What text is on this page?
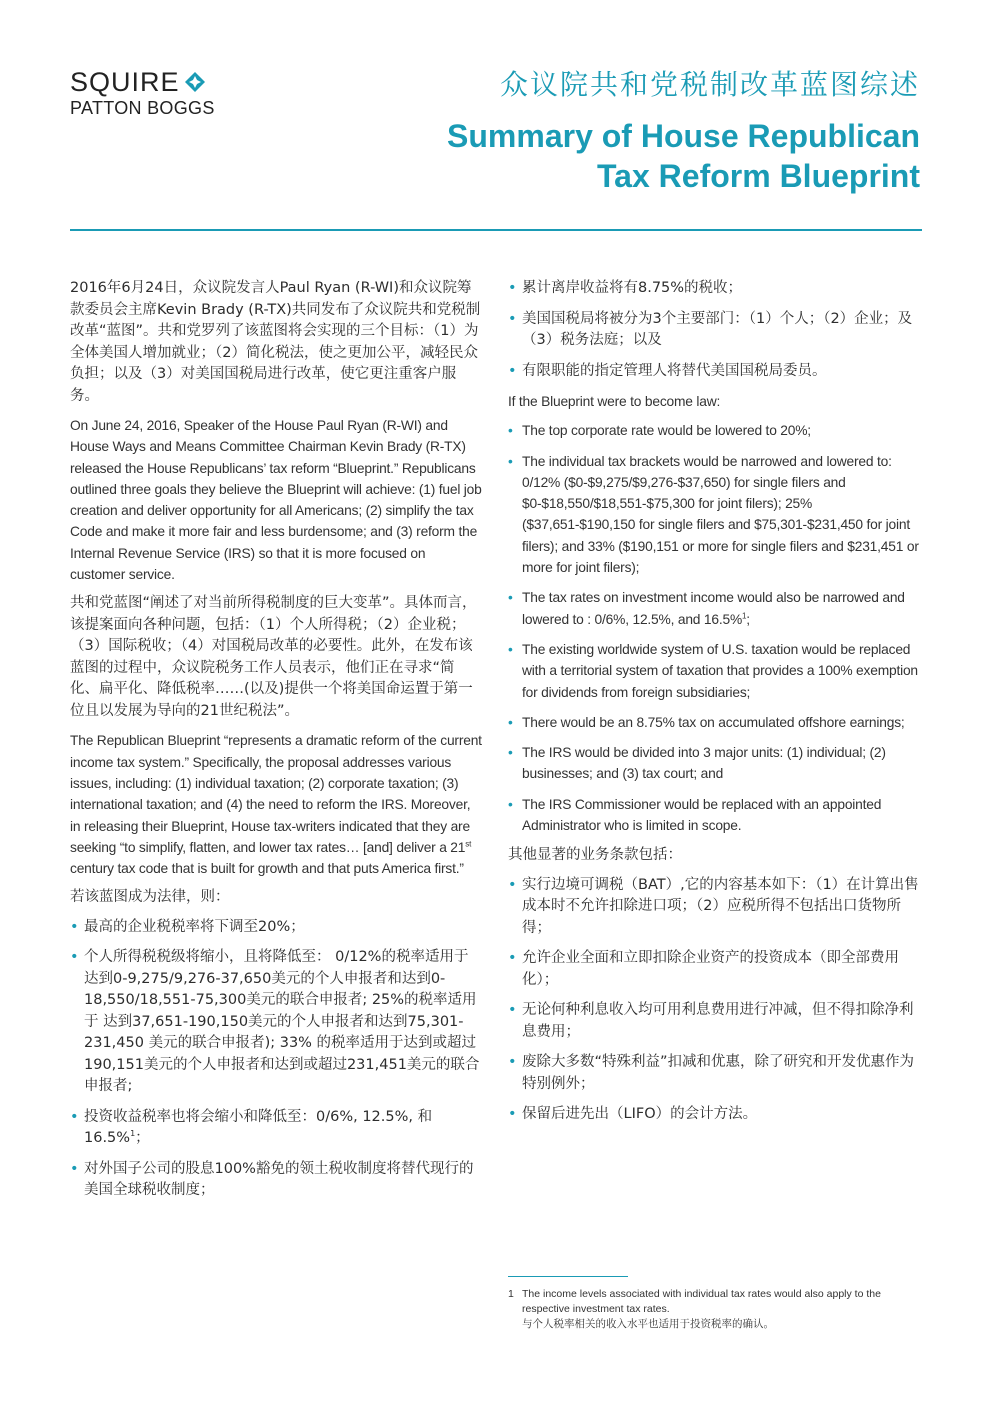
SQUIRE
PATTON BOGGS
众议院共和党税制改革蓝图综述
Summary of House Republican
Tax Reform Blueprint

2016年6月24日，众议院发言人Paul Ryan (R-WI)和众议院筹款委员会主席Kevin Brady (R-TX)共同发布了众议院共和党税制改革“蓝图”。共和党罗列了该蓝图将会实现的三个目标：（1）为全体美国人增加就业；（2）简化税法，使之更加公平，减轻民众负担；以及（3）对美国国税局进行改革，使它更注重客户服务。

On June 24, 2016, Speaker of the House Paul Ryan (R-WI) and House Ways and Means Committee Chairman Kevin Brady (R-TX) released the House Republicans’ tax reform “Blueprint.” Republicans outlined three goals they believe the Blueprint will achieve: (1) fuel job creation and deliver opportunity for all Americans; (2) simplify the tax Code and make it more fair and less burdensome; and (3) reform the Internal Revenue Service (IRS) so that it is more focused on customer service.

共和党蓝图“阐述了对当前所得税制度的巨大变革”。具体而言，该提案面向各种问题，包括：（1）个人所得税；（2）企业税；（3）国际税收；（4）对国税局改革的必要性。此外，在发布该蓝图的过程中，众议院税务工作人员表示，他们正在寻求“简化、扁平化、降低税率……(以及)提供一个将美国命运置于第一位且以发展为导向的21世纪税法”。

The Republican Blueprint “represents a dramatic reform of the current income tax system.” Specifically, the proposal addresses various issues, including: (1) individual taxation; (2) corporate taxation; (3) international taxation; and (4) the need to reform the IRS. Moreover, in releasing their Blueprint, House tax-writers indicated that they are seeking “to simplify, flatten, and lower tax rates… [and] deliver a 21st century tax code that is built for growth and that puts America first.”

若该蓝图成为法律，则：

• 最高的企业税税率将下调至20%；
• 个人所得税税级将缩小，且将降低至： 0/12%的税率适用于 达到0-9,275/9,276-37,650美元的个人申报者和达到0-18,550/18,551-75,300美元的联合申报者; 25%的税率适用于 达到37,651-190,150美元的个人申报者和达到75,301-231,450 美元的联合申报者); 33% 的税率适用于达到或超过190,151美元的个人申报者和达到或超过231,451美元的联合申报者;
• 投资收益税率也将会缩小和降低至：0/6%, 12.5%, 和 16.5%$^1$；
• 对外国子公司的股息100%豁免的领土税收制度将替代现行的美国全球税收制度；
• 累计离岸收益将有8.75%的税收；
• 美国国税局将被分为3个主要部门：（1）个人；（2）企业；及（3）税务法庭；以及
• 有限职能的指定管理人将替代美国国税局委员。

If the Blueprint were to become law:

• The top corporate rate would be lowered to 20%;
• The individual tax brackets would be narrowed and lowered to: 0/12% ($0-$9,275/$9,276-$37,650) for single filers and $0-$18,550/$18,551-$75,300 for joint filers); 25% ($37,651-$190,150 for single filers and $75,301-$231,450 for joint filers); and 33% ($190,151 or more for single filers and $231,451 or more for joint filers);
• The tax rates on investment income would also be narrowed and lowered to : 0/6%, 12.5%, and 16.5%$^1$;
• The existing worldwide system of U.S. taxation would be replaced with a territorial system of taxation that provides a 100% exemption for dividends from foreign subsidiaries;
• There would be an 8.75% tax on accumulated offshore earnings;
• The IRS would be divided into 3 major units: (1) individual; (2) businesses; and (3) tax court; and
• The IRS Commissioner would be replaced with an appointed Administrator who is limited in scope.

其他显著的业务条款包括：

• 实行边境可调税（BAT）,它的内容基本如下：（1）在计算出售成本时不允许扣除进口项；（2）应税所得不包括出口货物所得；
• 允许企业全面和立即扣除企业资产的投资成本（即全部费用化）；
• 无论何种利息收入均可用利息费用进行冲减，但不得扣除净利息费用；
• 废除大多数“特殊利益”扣减和优惠，除了研究和开发优惠作为特别例外；
• 保留后进先出（LIFO）的会计方法。
1 The income levels associated with individual tax rates would also apply to the respective investment tax rates.
与个人税率相关的收入水平也适用于投资税率的确认。
